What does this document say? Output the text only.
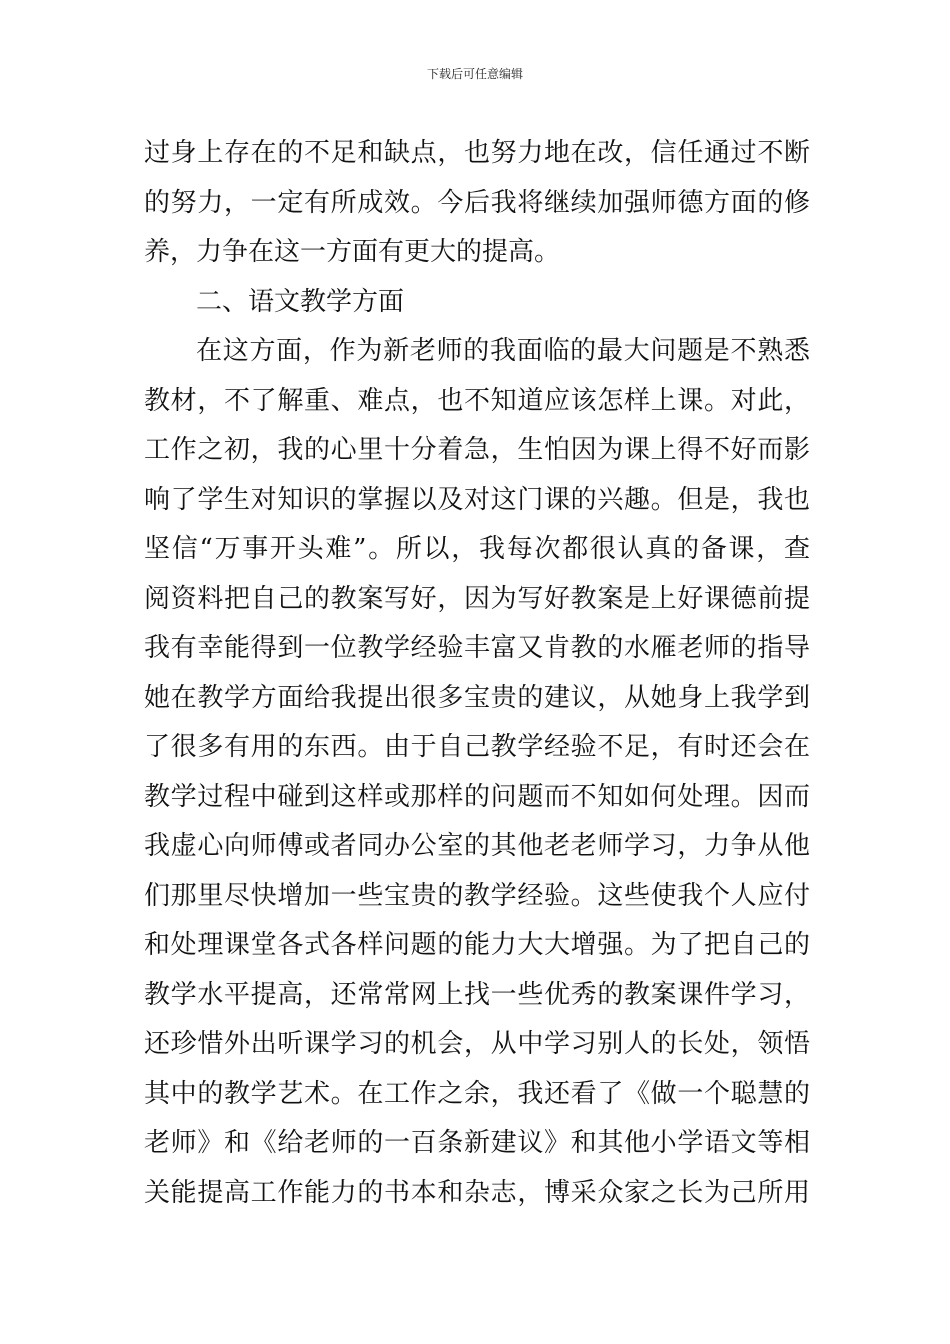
下载后可任意编辑
过身上存在的不足和缺点，也努力地在改，信任通过不断
的努力，一定有所成效。今后我将继续加强师德方面的修
养，力争在这一方面有更大的提高。
二、语文教学方面
在这方面，作为新老师的我面临的最大问题是不熟悉
教材，不了解重、难点，也不知道应该怎样上课。对此，
工作之初，我的心里十分着急，生怕因为课上得不好而影
响了学生对知识的掌握以及对这门课的兴趣。但是，我也
坚信“万事开头难”。所以，我每次都很认真的备课，查
阅资料把自己的教案写好，因为写好教案是上好课德前提
我有幸能得到一位教学经验丰富又肯教的水雁老师的指导
她在教学方面给我提出很多宝贵的建议，从她身上我学到
了很多有用的东西。由于自己教学经验不足，有时还会在
教学过程中碰到这样或那样的问题而不知如何处理。因而
我虚心向师傅或者同办公室的其他老老师学习，力争从他
们那里尽快增加一些宝贵的教学经验。这些使我个人应付
和处理课堂各式各样问题的能力大大增强。为了把自己的
教学水平提高，还常常网上找一些优秀的教案课件学习，
还珍惜外出听课学习的机会，从中学习别人的长处，领悟
其中的教学艺术。在工作之余，我还看了《做一个聪慧的
老师》和《给老师的一百条新建议》和其他小学语文等相
关能提高工作能力的书本和杂志，博采众家之长为己所用
